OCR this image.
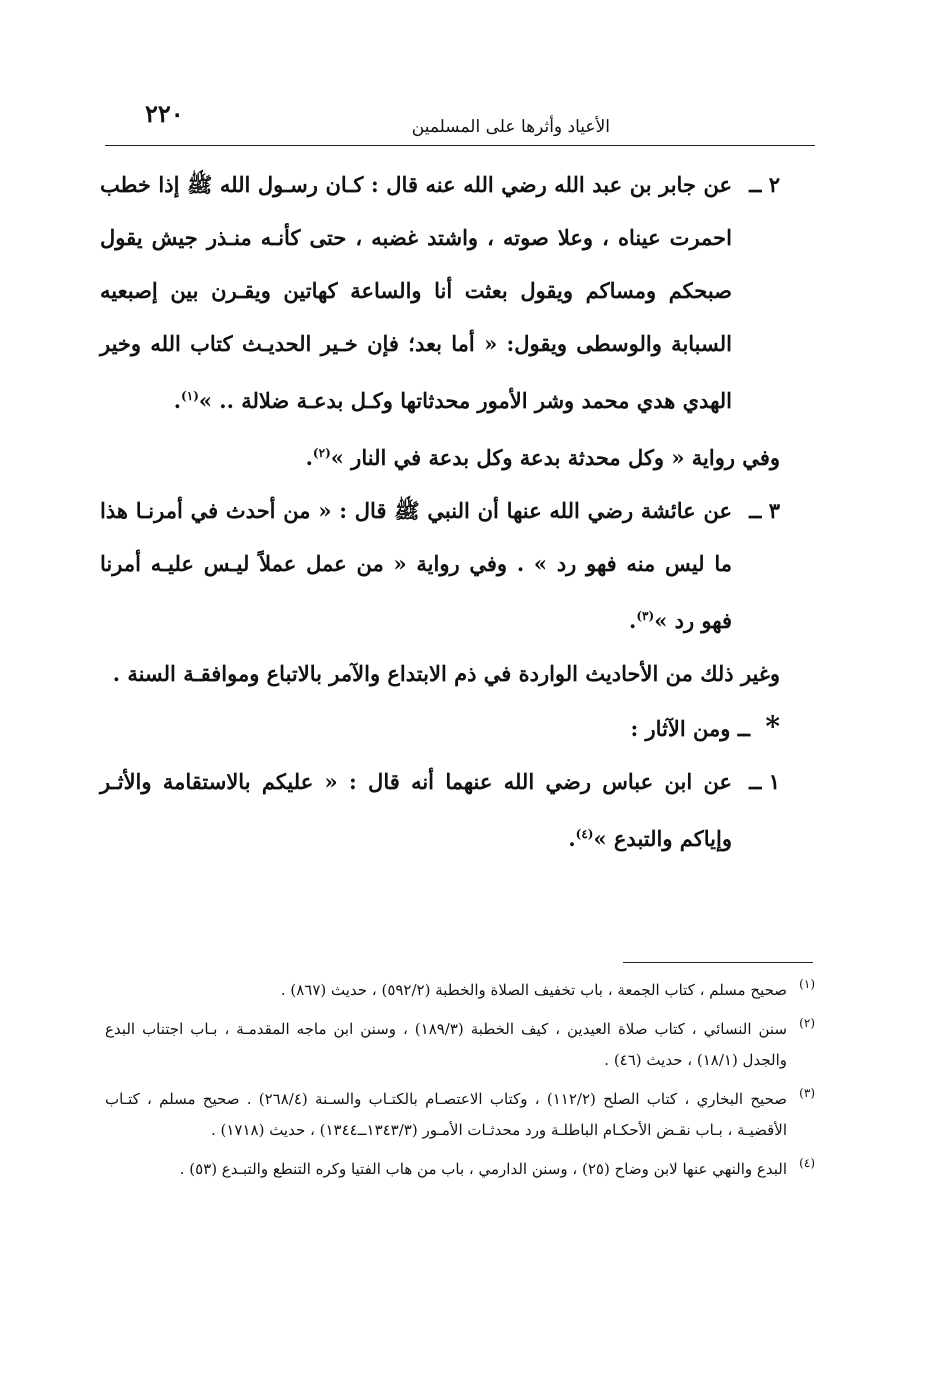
٢٢٠	الأعياد وأثرها على المسلمين

٢ ــ
عن جابر بن عبد الله رضي الله عنه قال : كـان رسـول الله ﷺ إذا خطب احمرت عيناه ، وعلا صوته ، واشتد غضبه ، حتى كأنـه منـذر جيش يقول صبحكم ومساكم ويقول بعثت أنا والساعة كهاتين ويقـرن بين إصبعيه السبابة والوسطى ويقول: « أما بعد؛ فإن خـير الحديـث كتاب الله وخير الهدي هدي محمد وشر الأمور محدثاتها وكـل بدعـة ضلالة .. »$^{(١)}$.

وفي رواية « وكل محدثة بدعة وكل بدعة في النار »$^{(٢)}$.

٣ ــ
عن عائشة رضي الله عنها أن النبي ﷺ قال : « من أحدث في أمرنـا هذا ما ليس منه فهو رد » . وفي رواية « من عمل عملاً ليـس عليـه أمرنا فهو رد »$^{(٣)}$.

وغير ذلك من الأحاديث الواردة في ذم الابتداع والآمر بالاتباع وموافقـة السنة .

* ــ ومن الآثار :

١ ــ
عن ابن عباس رضي الله عنهما أنه قال : « عليكم بالاستقامة والأثـر وإياكم والتبدع »$^{(٤)}$.

(١)
صحيح مسلم ، كتاب الجمعة ، باب تخفيف الصلاة والخطبة (٥٩٢/٢) ، حديث (٨٦٧) .

(٢)
سنن النسائي ، كتاب صلاة العيدين ، كيف الخطبة (١٨٩/٣) ، وسنن ابن ماجه المقدمـة ، بـاب اجتناب البدع والجدل (١٨/١) ، حديث (٤٦) .

(٣)
صحيح البخاري ، كتاب الصلح (١١٢/٢) ، وكتاب الاعتصـام بالكتـاب والسـنة (٢٦٨/٤) . صحيح مسلم ، كتـاب الأقضيـة ، بـاب نقـض الأحكـام الباطلـة ورد محدثـات الأمـور (١٣٤٣/٣ــ١٣٤٤) ، حديث (١٧١٨) .

(٤)
البدع والنهي عنها لابن وضاح (٢٥) ، وسنن الدارمي ، باب من هاب الفتيا وكره التنطع والتبـدع (٥٣) .
